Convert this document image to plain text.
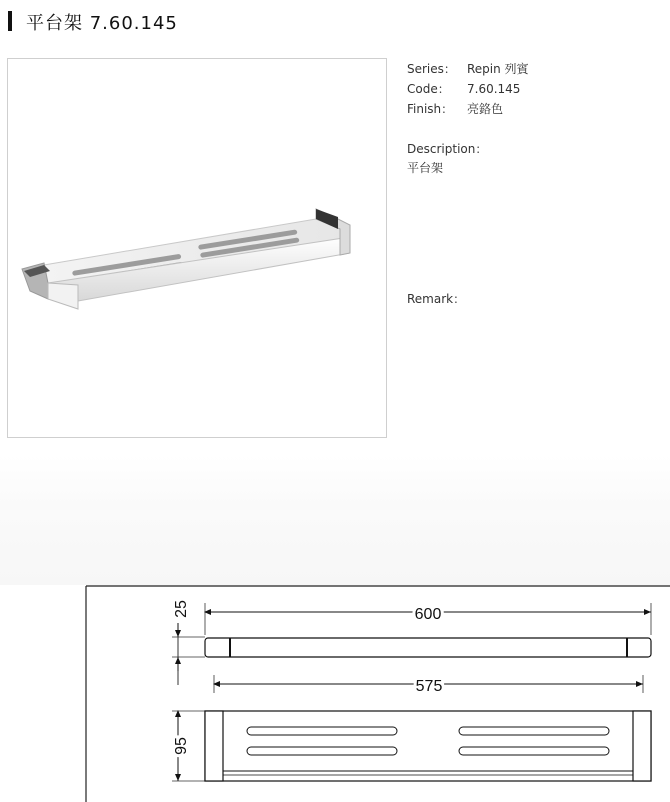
平台架 7.60.145
Series： Repin 列賓
Code： 7.60.145
Finish： 亮鉻色
Description：
平台架
Remark：
25	600
575
95
